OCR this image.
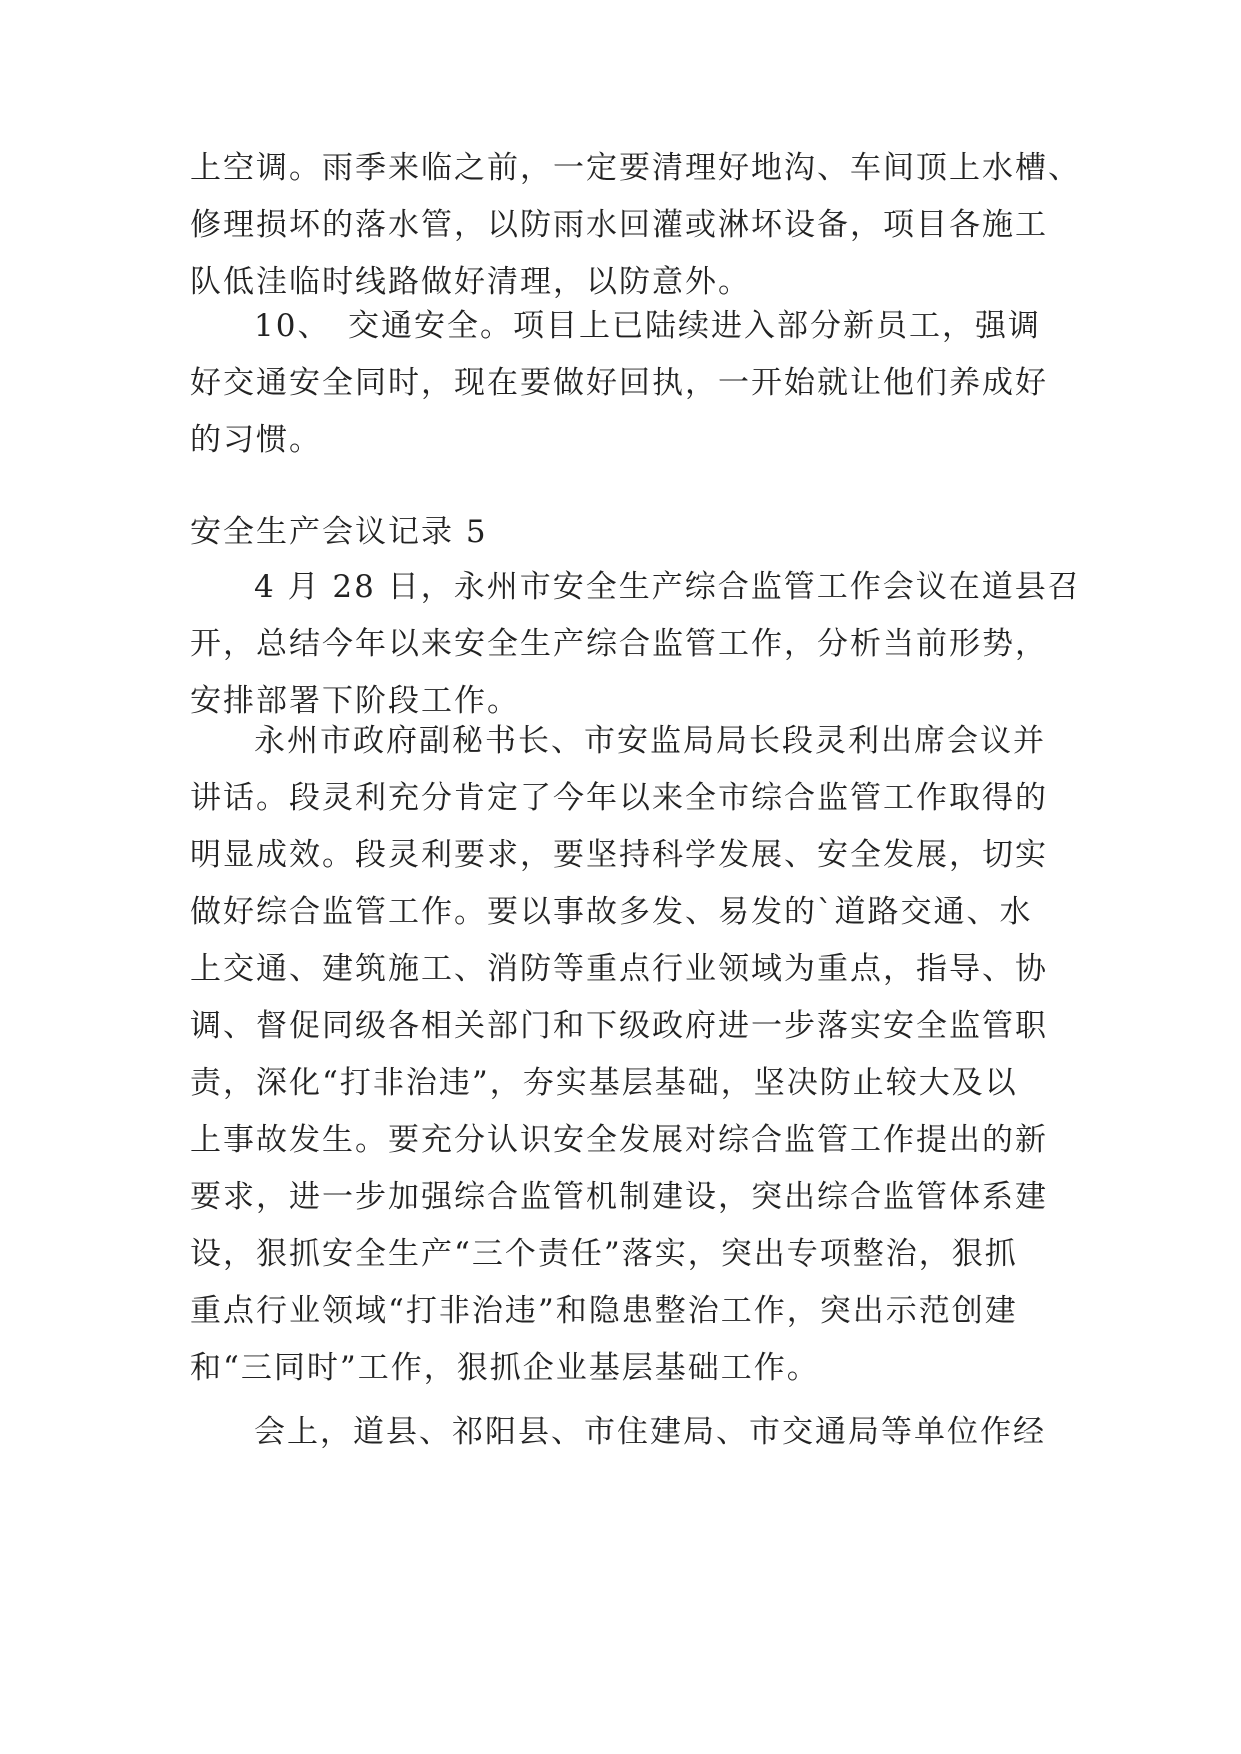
上空调。雨季来临之前，一定要清理好地沟、车间顶上水槽、
修理损坏的落水管，以防雨水回灌或淋坏设备，项目各施工
队低洼临时线路做好清理，以防意外。
10、　交通安全。项目上已陆续进入部分新员工，强调
好交通安全同时，现在要做好回执，一开始就让他们养成好
的习惯。
安全生产会议记录 5
4 月 28 日，永州市安全生产综合监管工作会议在道县召
开，总结今年以来安全生产综合监管工作，分析当前形势，
安排部署下阶段工作。
永州市政府副秘书长、市安监局局长段灵利出席会议并
讲话。段灵利充分肯定了今年以来全市综合监管工作取得的
明显成效。段灵利要求，要坚持科学发展、安全发展，切实
做好综合监管工作。要以事故多发、易发的`道路交通、水
上交通、建筑施工、消防等重点行业领域为重点，指导、协
调、督促同级各相关部门和下级政府进一步落实安全监管职
责，深化“打非治违”，夯实基层基础，坚决防止较大及以
上事故发生。要充分认识安全发展对综合监管工作提出的新
要求，进一步加强综合监管机制建设，突出综合监管体系建
设，狠抓安全生产“三个责任”落实，突出专项整治，狠抓
重点行业领域“打非治违”和隐患整治工作，突出示范创建
和“三同时”工作，狠抓企业基层基础工作。
会上，道县、祁阳县、市住建局、市交通局等单位作经
